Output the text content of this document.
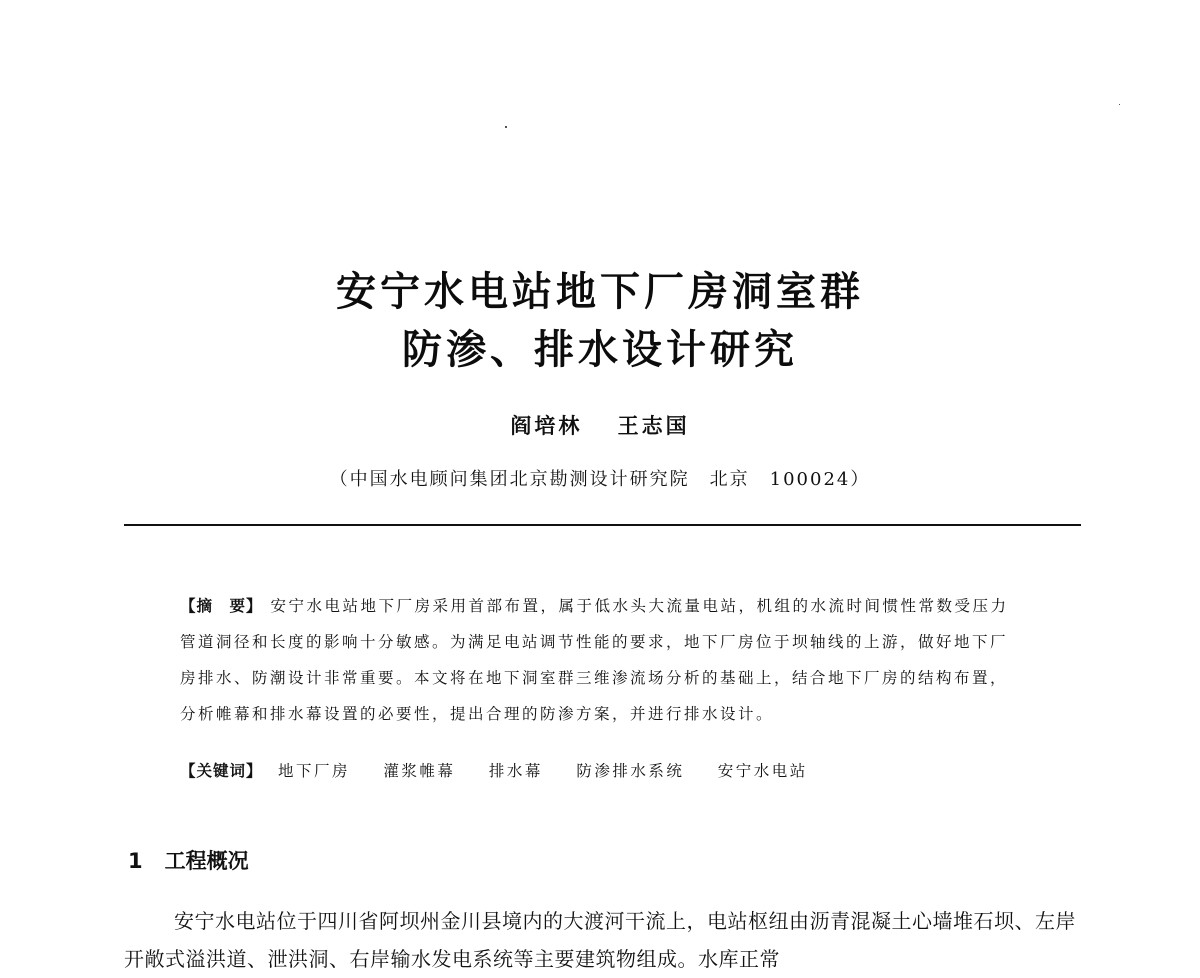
安宁水电站地下厂房洞室群
防渗、排水设计研究
阎培林 王志国
（中国水电顾问集团北京勘测设计研究院　北京　100024）
【摘　要】 安宁水电站地下厂房采用首部布置，属于低水头大流量电站，机组的水流时间惯性常数受压力管道洞径和长度的影响十分敏感。为满足电站调节性能的要求，地下厂房位于坝轴线的上游，做好地下厂房排水、防潮设计非常重要。本文将在地下洞室群三维渗流场分析的基础上，结合地下厂房的结构布置，分析帷幕和排水幕设置的必要性，提出合理的防渗方案，并进行排水设计。
【关键词】 地下厂房 灌浆帷幕 排水幕 防渗排水系统 安宁水电站
1 工程概况
安宁水电站位于四川省阿坝州金川县境内的大渡河干流上，电站枢纽由沥青混凝土心墙堆石坝、左岸开敞式溢洪道、泄洪洞、右岸输水发电系统等主要建筑物组成。水库正常
